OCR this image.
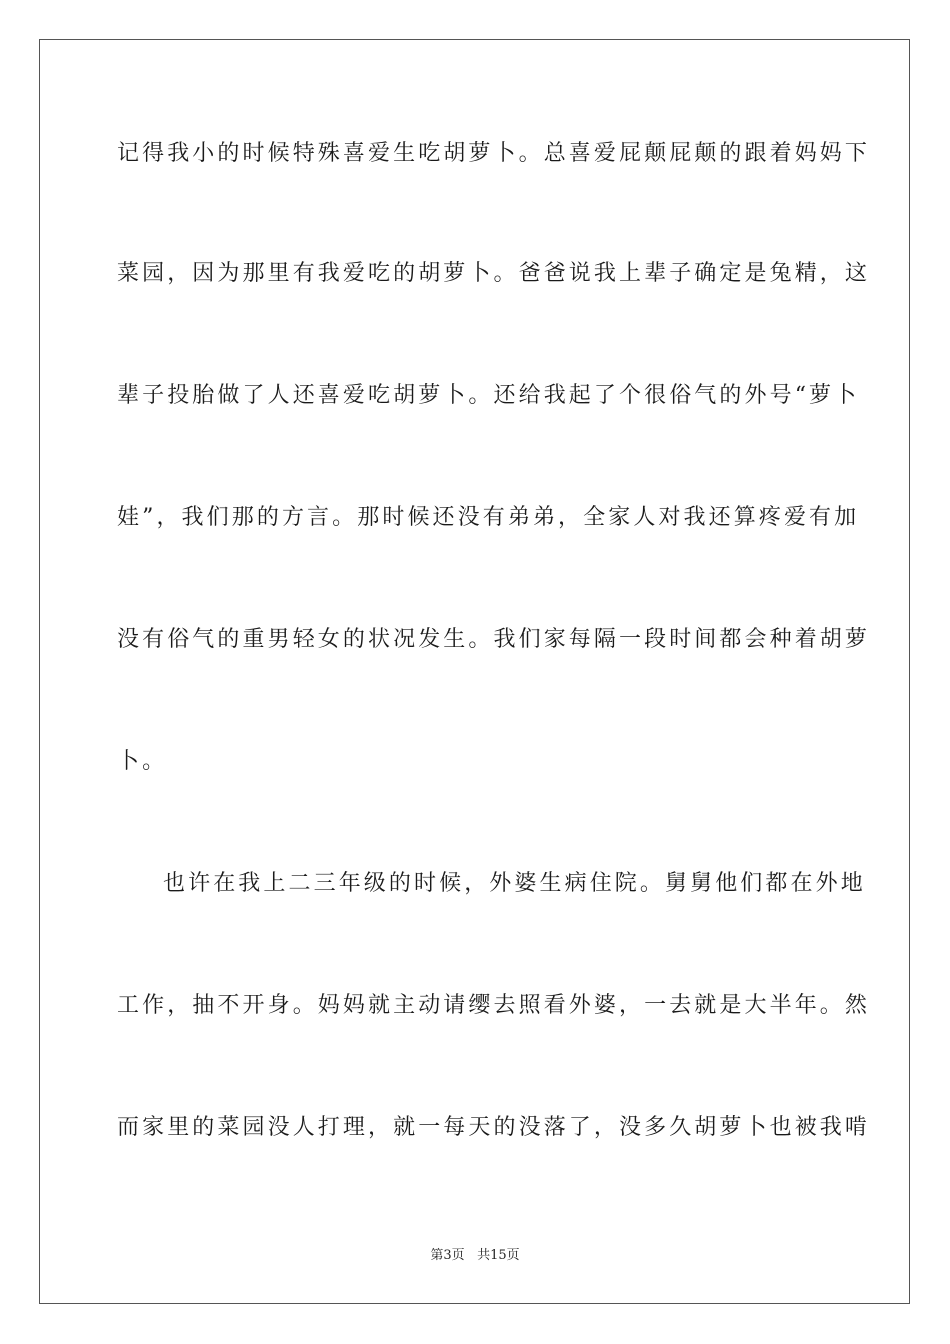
记得我小的时候特殊喜爱生吃胡萝卜。总喜爱屁颠屁颠的跟着妈妈下
菜园，因为那里有我爱吃的胡萝卜。爸爸说我上辈子确定是兔精，这
辈子投胎做了人还喜爱吃胡萝卜。还给我起了个很俗气的外号“萝卜
娃”，我们那的方言。那时候还没有弟弟，全家人对我还算疼爱有加
没有俗气的重男轻女的状况发生。我们家每隔一段时间都会种着胡萝
卜。
也许在我上二三年级的时候，外婆生病住院。舅舅他们都在外地
工作，抽不开身。妈妈就主动请缨去照看外婆，一去就是大半年。然
而家里的菜园没人打理，就一每天的没落了，没多久胡萝卜也被我啃
第3页 共15页
